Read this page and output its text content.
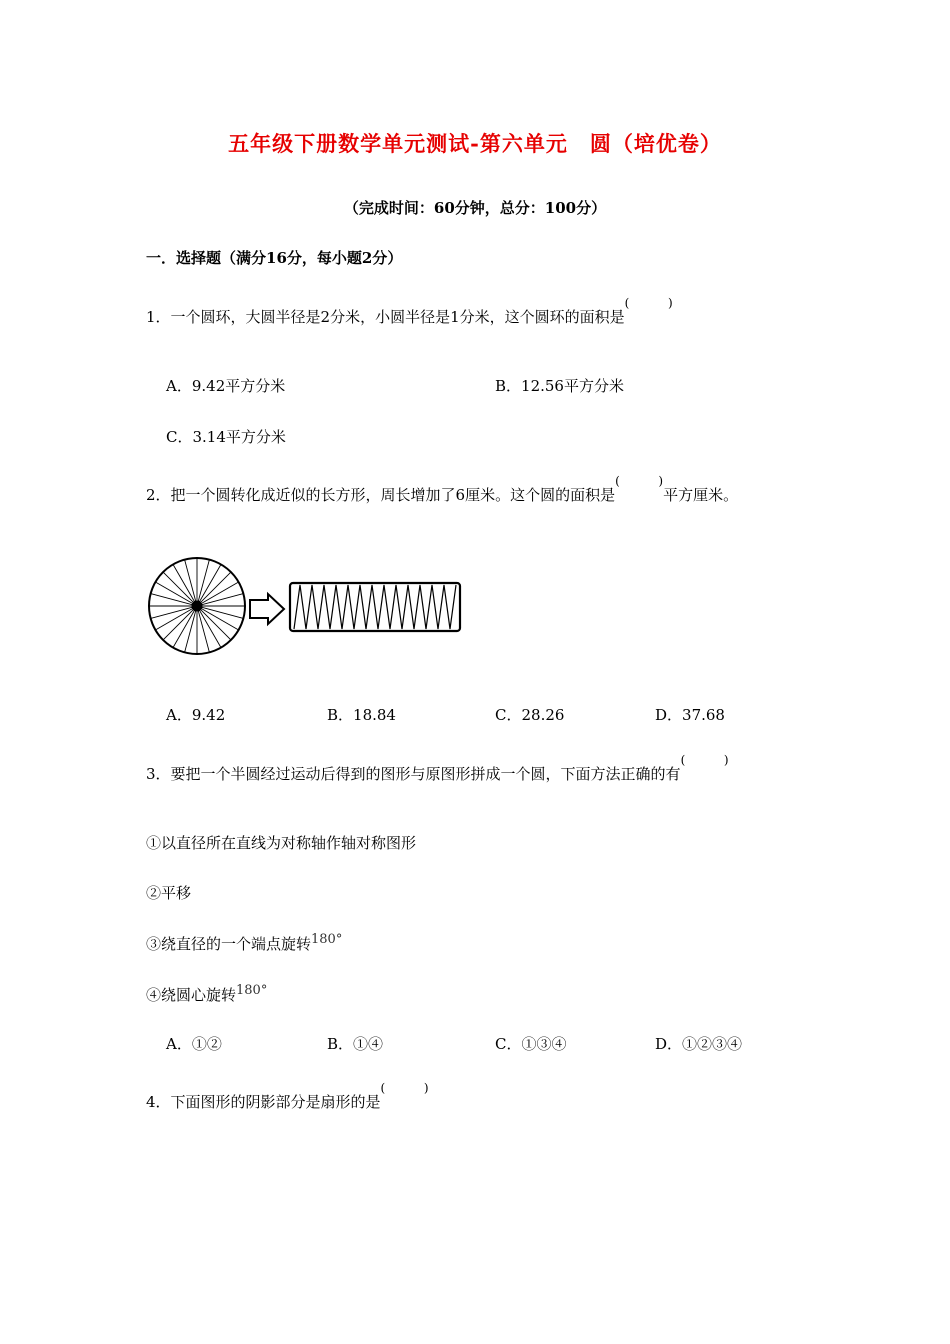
五年级下册数学单元测试-第六单元　圆（培优卷）
（完成时间：60分钟，总分：100分）
一．选择题（满分16分，每小题2分）
1．一个圆环，大圆半径是2分米，小圆半径是1分米，这个圆环的面积是
(	)
A．9.42平方分米	B．12.56平方分米
C．3.14平方分米
2．把一个圆转化成近似的长方形，周长增加了6厘米。这个圆的面积是
(	)
平方厘米。
A．9.42	B．18.84	C．28.26	D．37.68
3．要把一个半圆经过运动后得到的图形与原图形拼成一个圆，下面方法正确的有
(	)
①以直径所在直线为对称轴作轴对称图形
②平移
③绕直径的一个端点旋转180°
④绕圆心旋转180°
A．①②	B．①④	C．①③④	D．①②③④
4．下面图形的阴影部分是扇形的是
(	)
